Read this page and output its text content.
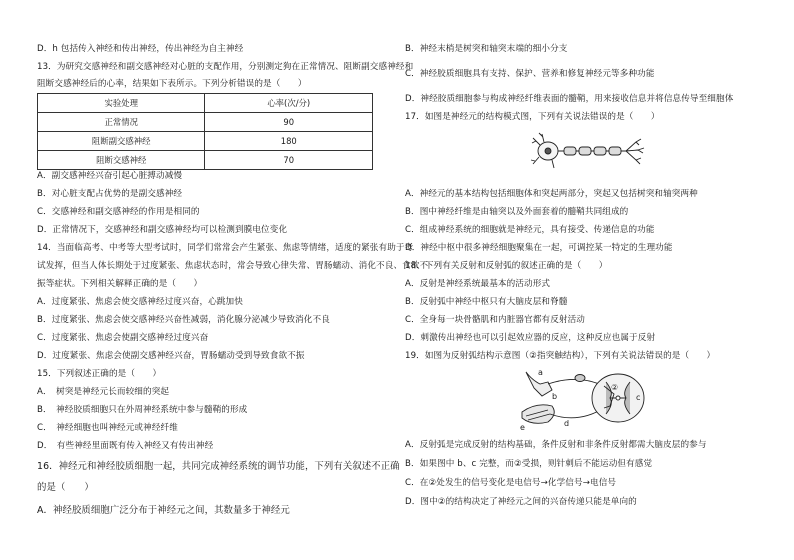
D．h 包括传入神经和传出神经，传出神经为自主神经
13．为研究交感神经和副交感神经对心脏的支配作用，分别测定狗在正常情况、阻断副交感神经和
阻断交感神经后的心率，结果如下表所示。下列分析错误的是（　　）
实验处理	心率(次/分)
正常情况	90
阻断副交感神经	180
阻断交感神经	70
A．副交感神经兴奋引起心脏搏动减慢
B．对心脏支配占优势的是副交感神经
C．交感神经和副交感神经的作用是相同的
D．正常情况下，交感神经和副交感神经均可以检测到膜电位变化
14．当面临高考、中考等大型考试时，同学们常常会产生紧张、焦虑等情绪，适度的紧张有助于考
试发挥，但当人体长期处于过度紧张、焦虑状态时，常会导致心律失常、胃肠蠕动、消化不良、食欲不
振等症状。下列相关解释正确的是（　　）
A．过度紧张、焦虑会使交感神经过度兴奋，心跳加快
B．过度紧张、焦虑会使交感神经兴奋性减弱，消化腺分泌减少导致消化不良
C．过度紧张、焦虑会使副交感神经过度兴奋
D．过度紧张、焦虑会使副交感神经兴奋，胃肠蠕动受到导致食欲不振
15．下列叙述正确的是（　　）
A．　树突是神经元长而较细的突起
B．　神经胶质细胞只在外周神经系统中参与髓鞘的形成
C．　神经细胞也叫神经元或神经纤维
D．　有些神经里面既有传入神经又有传出神经
16．神经元和神经胶质细胞一起，共同完成神经系统的调节功能，下列有关叙述不正确
的是（　　）
A．神经胶质细胞广泛分布于神经元之间，其数量多于神经元
B．神经末梢是树突和轴突末端的细小分支
C．神经胶质细胞具有支持、保护、营养和修复神经元等多种功能
D．神经胶质细胞参与构成神经纤维表面的髓鞘，用来接收信息并将信息传导至细胞体
17．如图是神经元的结构模式图，下列有关说法错误的是（　　）
A．神经元的基本结构包括细胞体和突起两部分，突起又包括树突和轴突两种
B．图中神经纤维是由轴突以及外面套着的髓鞘共同组成的
C．组成神经系统的细胞就是神经元，具有接受、传递信息的功能
D．神经中枢中很多神经细胞聚集在一起，可调控某一特定的生理功能
18．下列有关反射和反射弧的叙述正确的是（　　）
A．反射是神经系统最基本的活动形式
B．反射弧中神经中枢只有大脑皮层和脊髓
C．全身每一块骨骼肌和内脏器官都有反射活动
D．刺激传出神经也可以引起效应器的反应，这种反应也属于反射
19．如图为反射弧结构示意图（②指突触结构），下列有关说法错误的是（　　）
a
b	c
d
e
②
A．反射弧是完成反射的结构基础，条件反射和非条件反射都需大脑皮层的参与
B．如果图中 b、c 完整，而②受损，则针刺后不能运动但有感觉
C．在②处发生的信号变化是电信号→化学信号→电信号
D．图中②的结构决定了神经元之间的兴奋传递只能是单向的
